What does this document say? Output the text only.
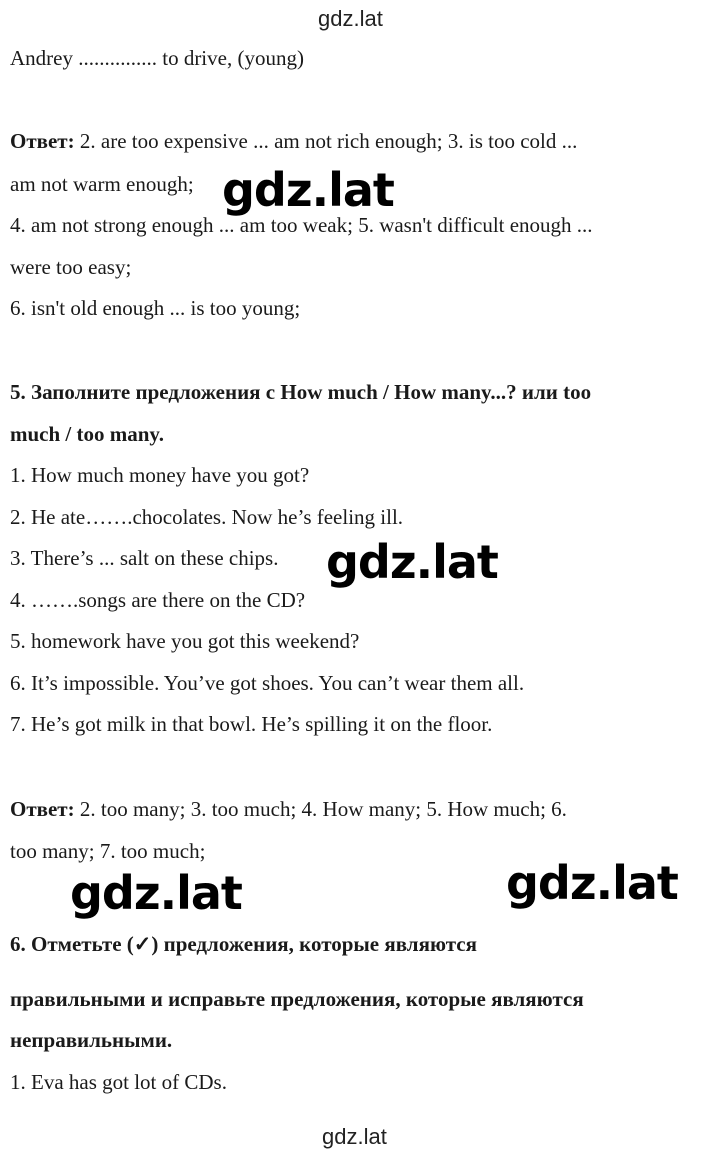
gdz.lat
Andrey ............... to drive, (young)
Ответ: 2. are too expensive ... am not rich enough; 3. is too cold ...
am not warm enough;
4. am not strong enough ... am too weak; 5. wasn't difficult enough ...
were too easy;
6. isn't old enough ... is too young;
5. Заполните предложения с How much / How many...? или too
much / too many.
1. How much money have you got?
2. He ate…….chocolates. Now he’s feeling ill.
3. There’s ... salt on these chips.
4. …….songs are there on the CD?
5. homework have you got this weekend?
6. It’s impossible. You’ve got shoes. You can’t wear them all.
7. He’s got milk in that bowl. He’s spilling it on the floor.
Ответ: 2. too many; 3. too much; 4. How many; 5. How much; 6.
too many; 7. too much;
6. Отметьте (✓) предложения, которые являются
правильными и исправьте предложения, которые являются
неправильными.
1. Eva has got lot of CDs.
gdz.lat
gdz.lat
gdz.lat
gdz.lat	gdz.lat
